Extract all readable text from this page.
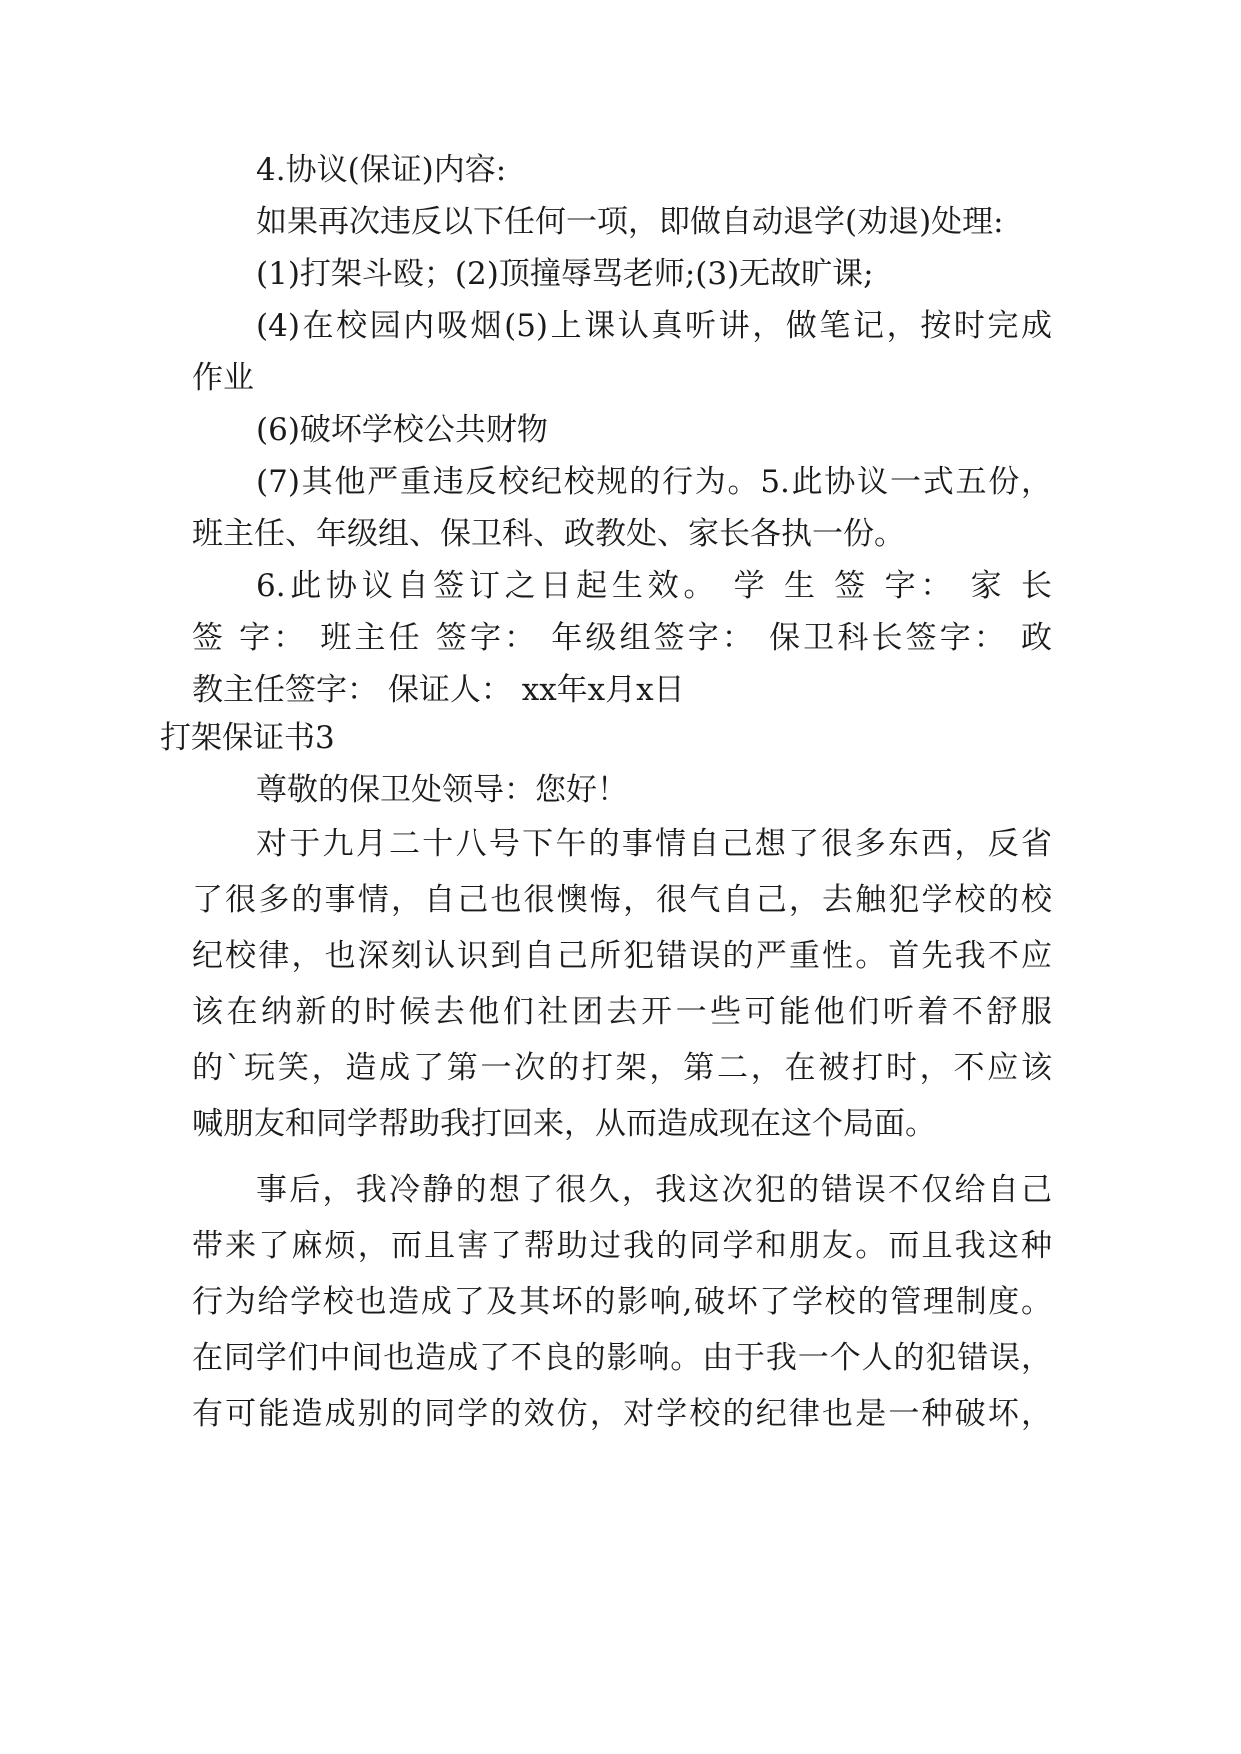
4.协议(保证)内容:
如果再次违反以下任何一项，即做自动退学(劝退)处理:
(1)打架斗殴；(2)顶撞辱骂老师;(3)无故旷课;
(4)在校园内吸烟(5)上课认真听讲，做笔记，按时完成
作业
(6)破坏学校公共财物
(7)其他严重违反校纪校规的行为。5.此协议一式五份，
班主任、年级组、保卫科、政教处、家长各执一份。
6.此协议自签订之日起生效。 学 生 签 字： 家 长
签 字： 班主任 签字： 年级组签字： 保卫科长签字： 政
教主任签字： 保证人： xx年x月x日
打架保证书3
尊敬的保卫处领导：您好！
对于九月二十八号下午的事情自己想了很多东西，反省
了很多的事情，自己也很懊悔，很气自己，去触犯学校的校
纪校律，也深刻认识到自己所犯错误的严重性。首先我不应
该在纳新的时候去他们社团去开一些可能他们听着不舒服
的`玩笑，造成了第一次的打架，第二，在被打时，不应该
喊朋友和同学帮助我打回来，从而造成现在这个局面。
事后，我冷静的想了很久，我这次犯的错误不仅给自己
带来了麻烦，而且害了帮助过我的同学和朋友。而且我这种
行为给学校也造成了及其坏的影响,破坏了学校的管理制度。
在同学们中间也造成了不良的影响。由于我一个人的犯错误，
有可能造成别的同学的效仿，对学校的纪律也是一种破坏，
